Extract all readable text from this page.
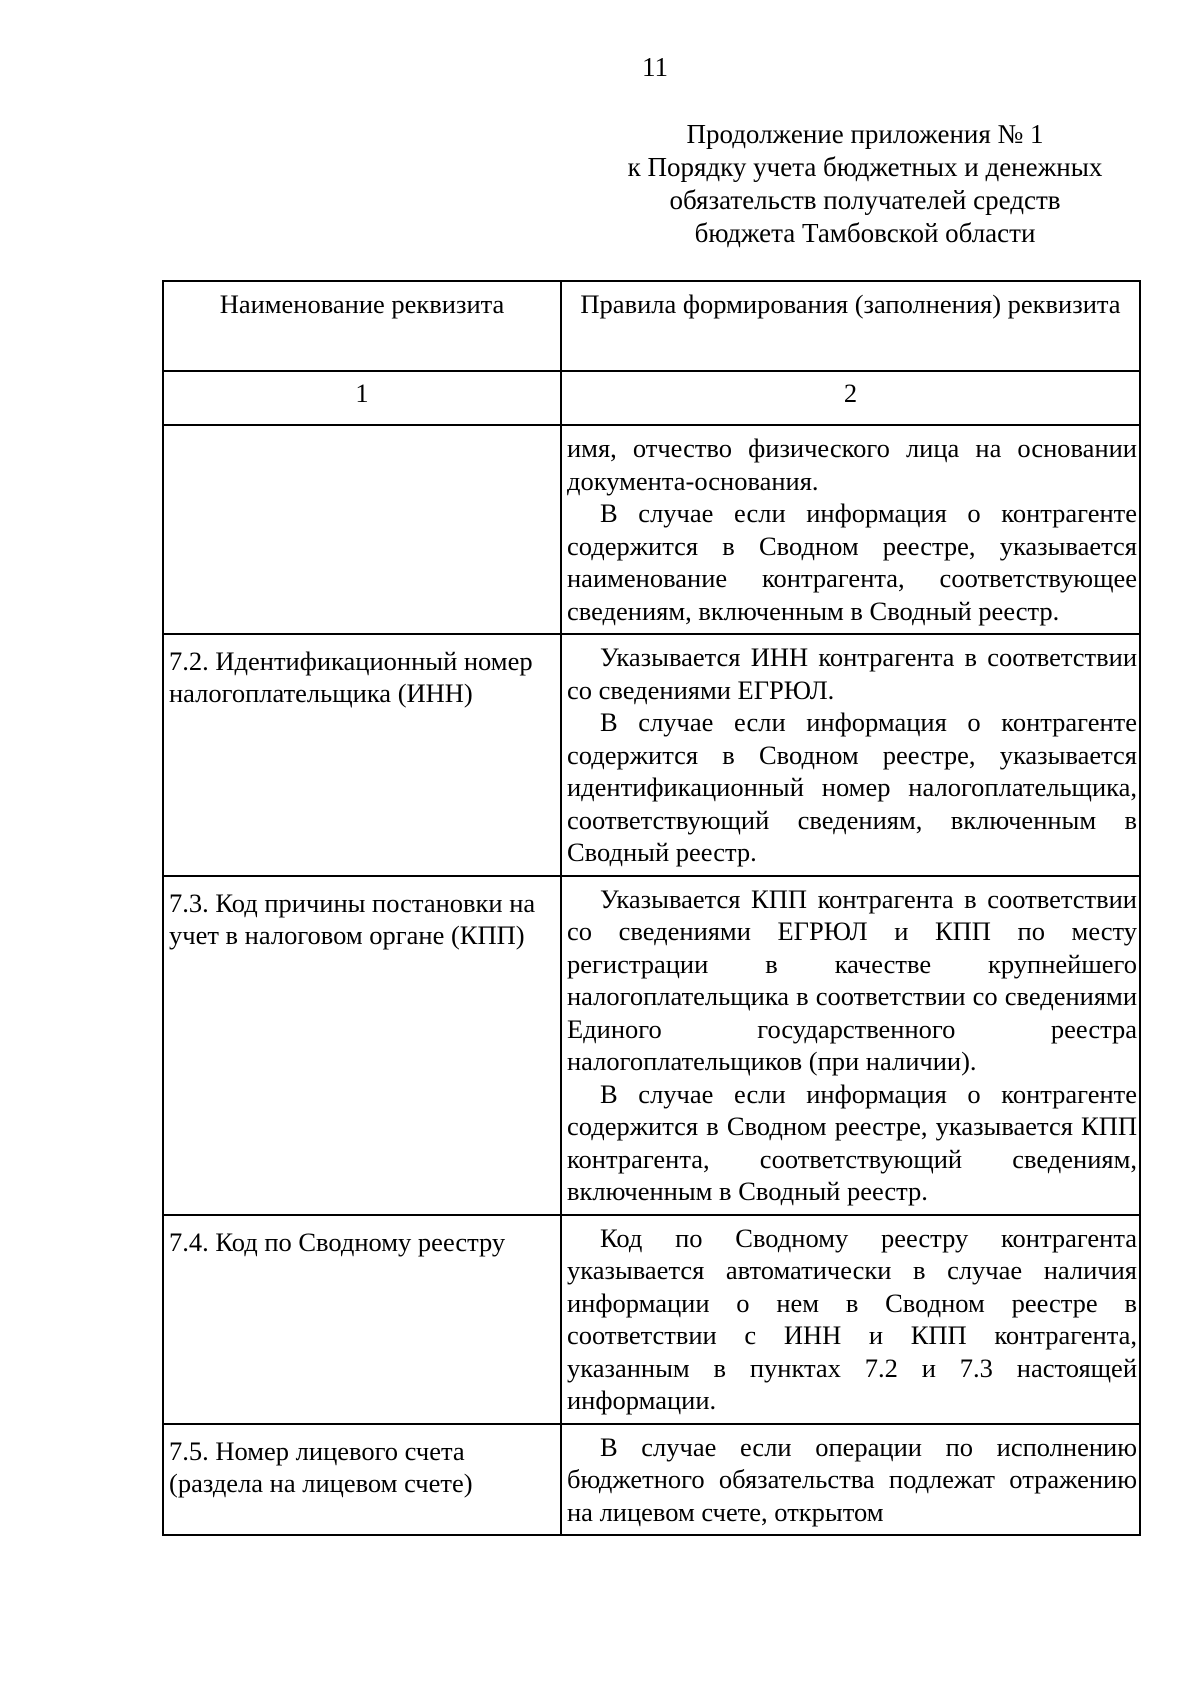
11
Продолжение приложения № 1
к Порядку учета бюджетных и денежных
обязательств получателей средств
бюджета Тамбовской области
Наименование реквизита	Правила формирования (заполнения) реквизита
1	2

	имя, отчество физического лица на основании документа-основания.
В случае если информация о контрагенте содержится в Сводном реестре, указывается наименование контрагента, соответствующее сведениям, включенным в Сводный реестр.

7.2. Идентификационный номер налогоплательщика (ИНН)	Указывается ИНН контрагента в соответствии со сведениями ЕГРЮЛ.
В случае если информация о контрагенте содержится в Сводном реестре, указывается идентификационный номер налогоплательщика, соответствующий сведениям, включенным в Сводный реестр.

7.3. Код причины постановки на учет в налоговом органе (КПП)	Указывается КПП контрагента в соответствии со сведениями ЕГРЮЛ и КПП по месту регистрации в качестве крупнейшего налогоплательщика в соответствии со сведениями Единого государственного реестра налогоплательщиков (при наличии).
В случае если информация о контрагенте содержится в Сводном реестре, указывается КПП контрагента, соответствующий сведениям, включенным в Сводный реестр.

7.4. Код по Сводному реестру	Код по Сводному реестру контрагента указывается автоматически в случае наличия информации о нем в Сводном реестре в соответствии с ИНН и КПП контрагента, указанным в пунктах 7.2 и 7.3 настоящей информации.

7.5. Номер лицевого счета (раздела на лицевом счете)	В случае если операции по исполнению бюджетного обязательства подлежат отражению на лицевом счете, открытом
